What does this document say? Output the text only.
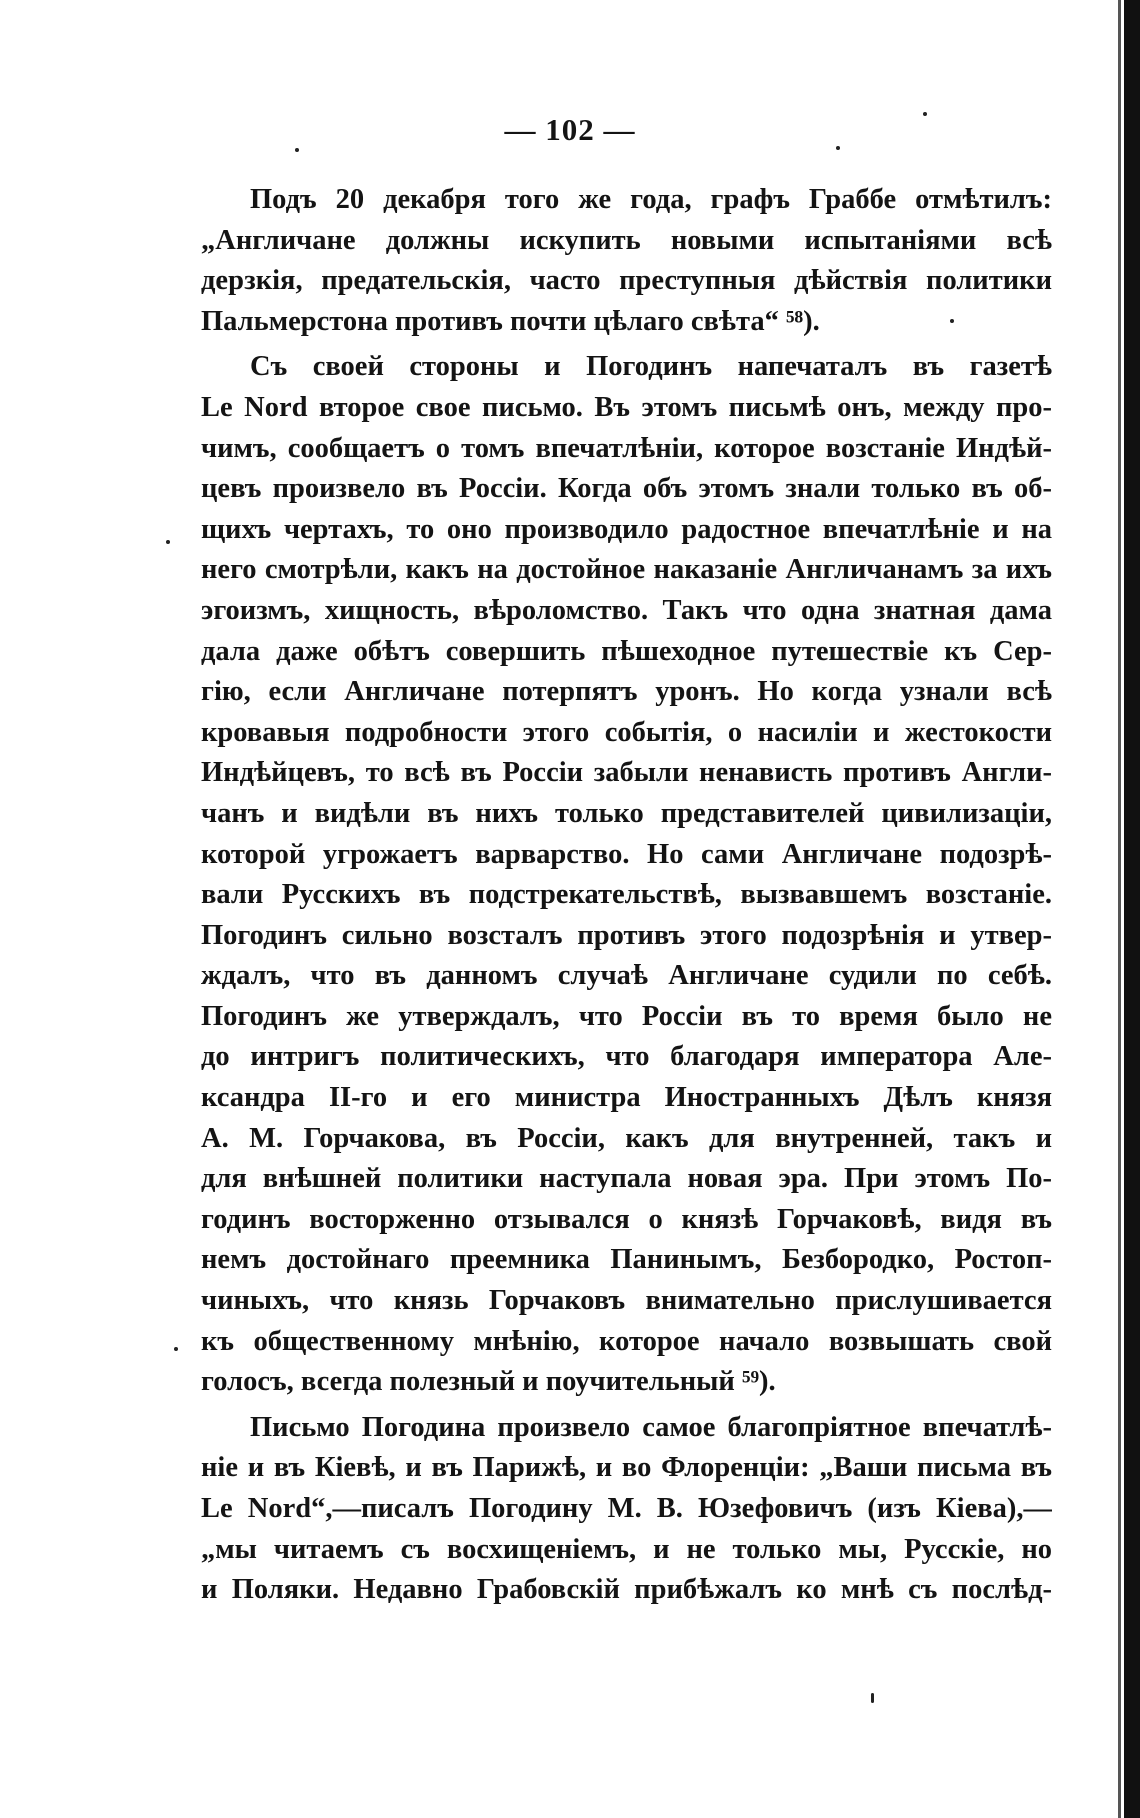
— 102 —
Подъ 20 декабря того же года, графъ Граббе отмѣтилъ:
„Англичане должны искупить новыми испытаніями всѣ
дерзкія, предательскія, часто преступныя дѣйствія политики
Пальмерстона противъ почти цѣлаго свѣта“ ⁵⁸).
Съ своей стороны и Погодинъ напечаталъ въ газетѣ
Le Nord второе свое письмо. Въ этомъ письмѣ онъ, между про-
чимъ, сообщаетъ о томъ впечатлѣніи, которое возстаніе Индѣй-
цевъ произвело въ Россіи. Когда объ этомъ знали только въ об-
щихъ чертахъ, то оно производило радостное впечатлѣніе и на
него смотрѣли, какъ на достойное наказаніе Англичанамъ за ихъ
эгоизмъ, хищность, вѣроломство. Такъ что одна знатная дама
дала даже обѣтъ совершить пѣшеходное путешествіе къ Сер-
гію, если Англичане потерпятъ уронъ. Но когда узнали всѣ
кровавыя подробности этого событія, о насиліи и жестокости
Индѣйцевъ, то всѣ въ Россіи забыли ненависть противъ Англи-
чанъ и видѣли въ нихъ только представителей цивилизаціи,
которой угрожаетъ варварство. Но сами Англичане подозрѣ-
вали Русскихъ въ подстрекательствѣ, вызвавшемъ возстаніе.
Погодинъ сильно возсталъ противъ этого подозрѣнія и утвер-
ждалъ, что въ данномъ случаѣ Англичане судили по себѣ.
Погодинъ же утверждалъ, что Россіи въ то время было не
до интригъ политическихъ, что благодаря императора Але-
ксандра II-го и его министра Иностранныхъ Дѣлъ князя
А. М. Горчакова, въ Россіи, какъ для внутренней, такъ и
для внѣшней политики наступала новая эра. При этомъ По-
годинъ восторженно отзывался о князѣ Горчаковѣ, видя въ
немъ достойнаго преемника Панинымъ, Безбородко, Ростоп-
чиныхъ, что князь Горчаковъ внимательно прислушивается
къ общественному мнѣнію, которое начало возвышать свой
голосъ, всегда полезный и поучительный ⁵⁹).
Письмо Погодина произвело самое благопріятное впечатлѣ-
ніе и въ Кіевѣ, и въ Парижѣ, и во Флоренціи: „Ваши письма въ
Le Nord“,—писалъ Погодину М. В. Юзефовичъ (изъ Кіева),—
„мы читаемъ съ восхищеніемъ, и не только мы, Русскіе, но
и Поляки. Недавно Грабовскій прибѣжалъ ко мнѣ съ послѣд-
